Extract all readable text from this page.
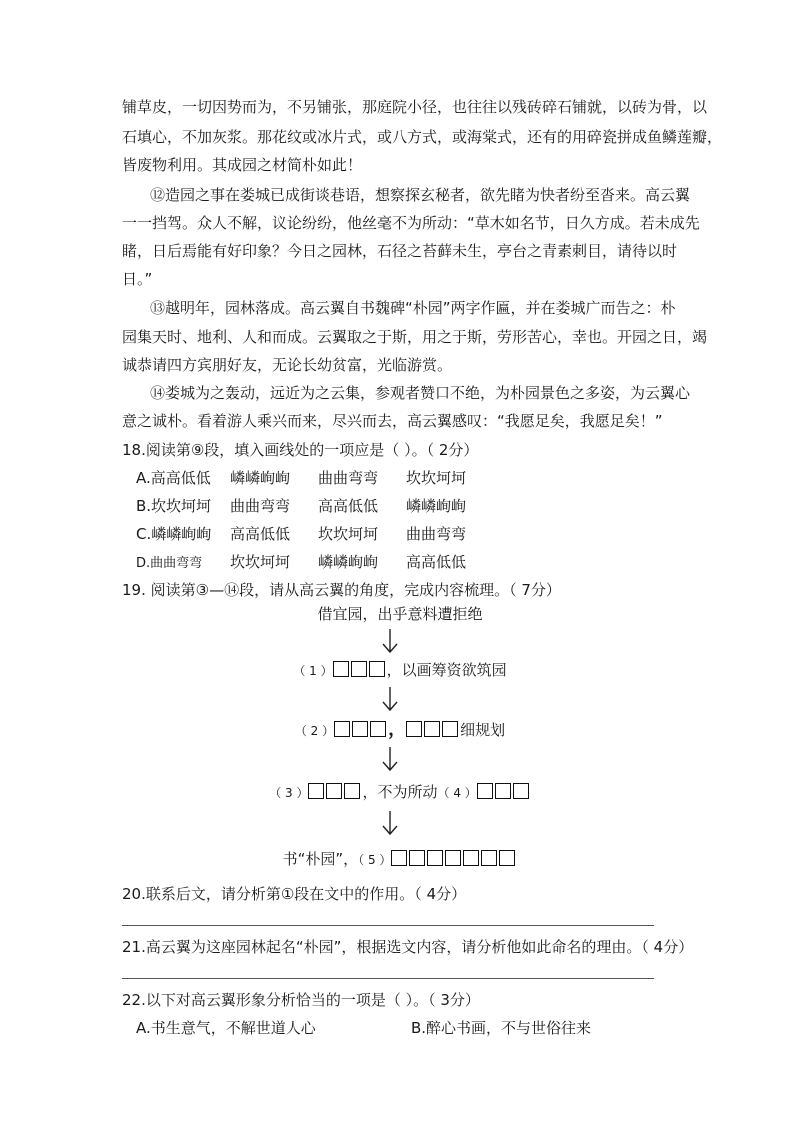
铺草皮，一切因势而为，不另铺张，那庭院小径，也往往以残砖碎石铺就，以砖为骨，以
石填心，不加灰浆。那花纹或冰片式，或八方式，或海棠式，还有的用碎瓷拼成鱼鳞莲瓣，
皆废物利用。其成园之材简朴如此！
⑫造园之事在娄城已成街谈巷语，想察探玄秘者，欲先睹为快者纷至沓来。高云翼
一一挡驾。众人不解，议论纷纷，他丝毫不为所动：“草木如名节，日久方成。若未成先
睹，日后焉能有好印象？今日之园林，石径之苔藓未生，亭台之青素刺目，请待以时
日。”
⑬越明年，园林落成。高云翼自书魏碑“朴园”两字作匾，并在娄城广而告之：朴
园集天时、地利、人和而成。云翼取之于斯，用之于斯，劳形苦心，幸也。开园之日，竭
诚恭请四方宾朋好友，无论长幼贫富，光临游赏。
⑭娄城为之轰动，远近为之云集，参观者赞口不绝，为朴园景色之多姿，为云翼心
意之诚朴。看着游人乘兴而来，尽兴而去，高云翼感叹：“我愿足矣，我愿足矣！”
18.阅读第⑨段，填入画线处的一项应是（ ）。（ 2分）
A.高高低低 嶙嶙峋峋 曲曲弯弯 坎坎坷坷
B.坎坎坷坷 曲曲弯弯 高高低低 嶙嶙峋峋
C.嶙嶙峋峋 高高低低 坎坎坷坷 曲曲弯弯
D.曲曲弯弯 坎坎坷坷 嶙嶙峋峋 高高低低
19. 阅读第③—⑭段，请从高云翼的角度，完成内容梳理。（ 7分）
借宜园，出乎意料遭拒绝
（ 1 ）	，以画筹资欲筑园
（ 2 ）	，	细规划
（ 3 ）	，不为所动（ 4 ）
书“朴园”，（ 5 ）
20.联系后文，请分析第①段在文中的作用。（ 4分）
21.高云翼为这座园林起名“朴园”，根据选文内容，请分析他如此命名的理由。（ 4分）
22.以下对高云翼形象分析恰当的一项是（ ）。（ 3分）
A.书生意气，不解世道人心	B.醉心书画，不与世俗往来
